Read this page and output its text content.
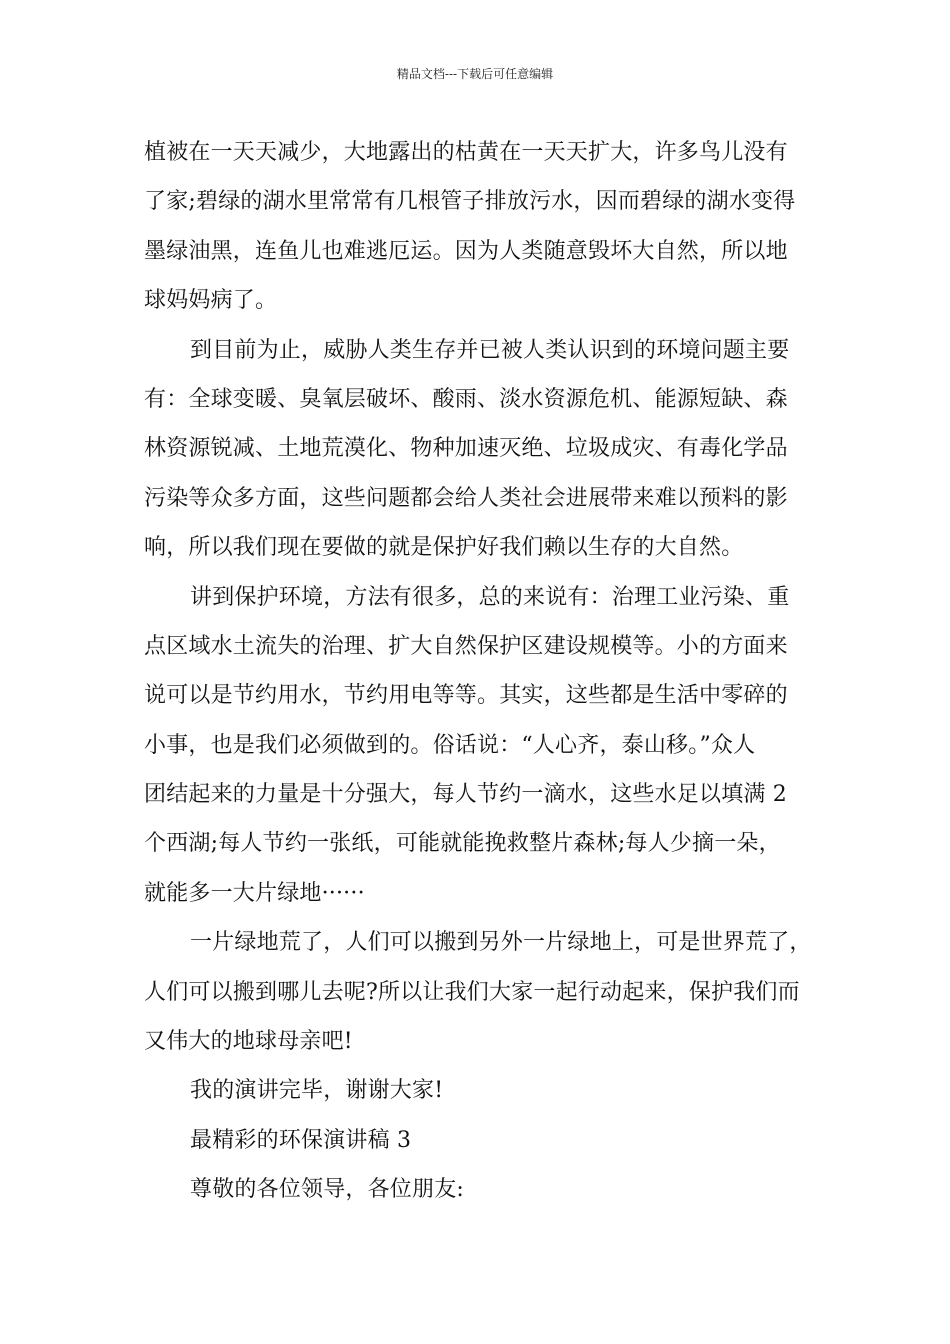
精品文档---下载后可任意编辑
植被在一天天减少，大地露出的枯黄在一天天扩大，许多鸟儿没有
了家;碧绿的湖水里常常有几根管子排放污水，因而碧绿的湖水变得
墨绿油黑，连鱼儿也难逃厄运。因为人类随意毁坏大自然，所以地
球妈妈病了。
到目前为止，威胁人类生存并已被人类认识到的环境问题主要
有：全球变暖、臭氧层破坏、酸雨、淡水资源危机、能源短缺、森
林资源锐减、土地荒漠化、物种加速灭绝、垃圾成灾、有毒化学品
污染等众多方面，这些问题都会给人类社会进展带来难以预料的影
响，所以我们现在要做的就是保护好我们赖以生存的大自然。
讲到保护环境，方法有很多，总的来说有：治理工业污染、重
点区域水土流失的治理、扩大自然保护区建设规模等。小的方面来
说可以是节约用水，节约用电等等。其实，这些都是生活中零碎的
小事，也是我们必须做到的。俗话说：“人心齐，泰山移。”众人
团结起来的力量是十分强大，每人节约一滴水，这些水足以填满 2
个西湖;每人节约一张纸，可能就能挽救整片森林;每人少摘一朵，
就能多一大片绿地······
一片绿地荒了，人们可以搬到另外一片绿地上，可是世界荒了，
人们可以搬到哪儿去呢?所以让我们大家一起行动起来，保护我们而
又伟大的地球母亲吧!
我的演讲完毕，谢谢大家!
最精彩的环保演讲稿 3
尊敬的各位领导，各位朋友:
